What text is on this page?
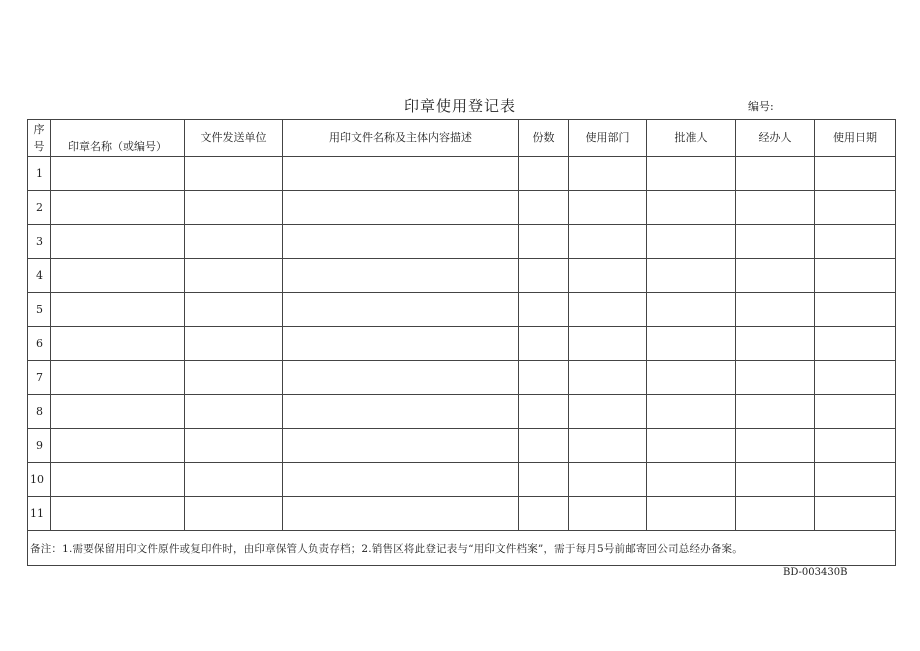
印章使用登记表	编号:
序
号	印章名称（或编号）	文件发送单位	用印文件名称及主体内容描述	份数	使用部门	批准人	经办人	使用日期
1								
2								
3								
4								
5								
6								
7								
8								
9								
10								
11								
备注：1.需要保留用印文件原件或复印件时，由印章保管人负责存档；2.销售区将此登记表与“用印文件档案”，需于每月5号前邮寄回公司总经办备案。								
BD-003430B
